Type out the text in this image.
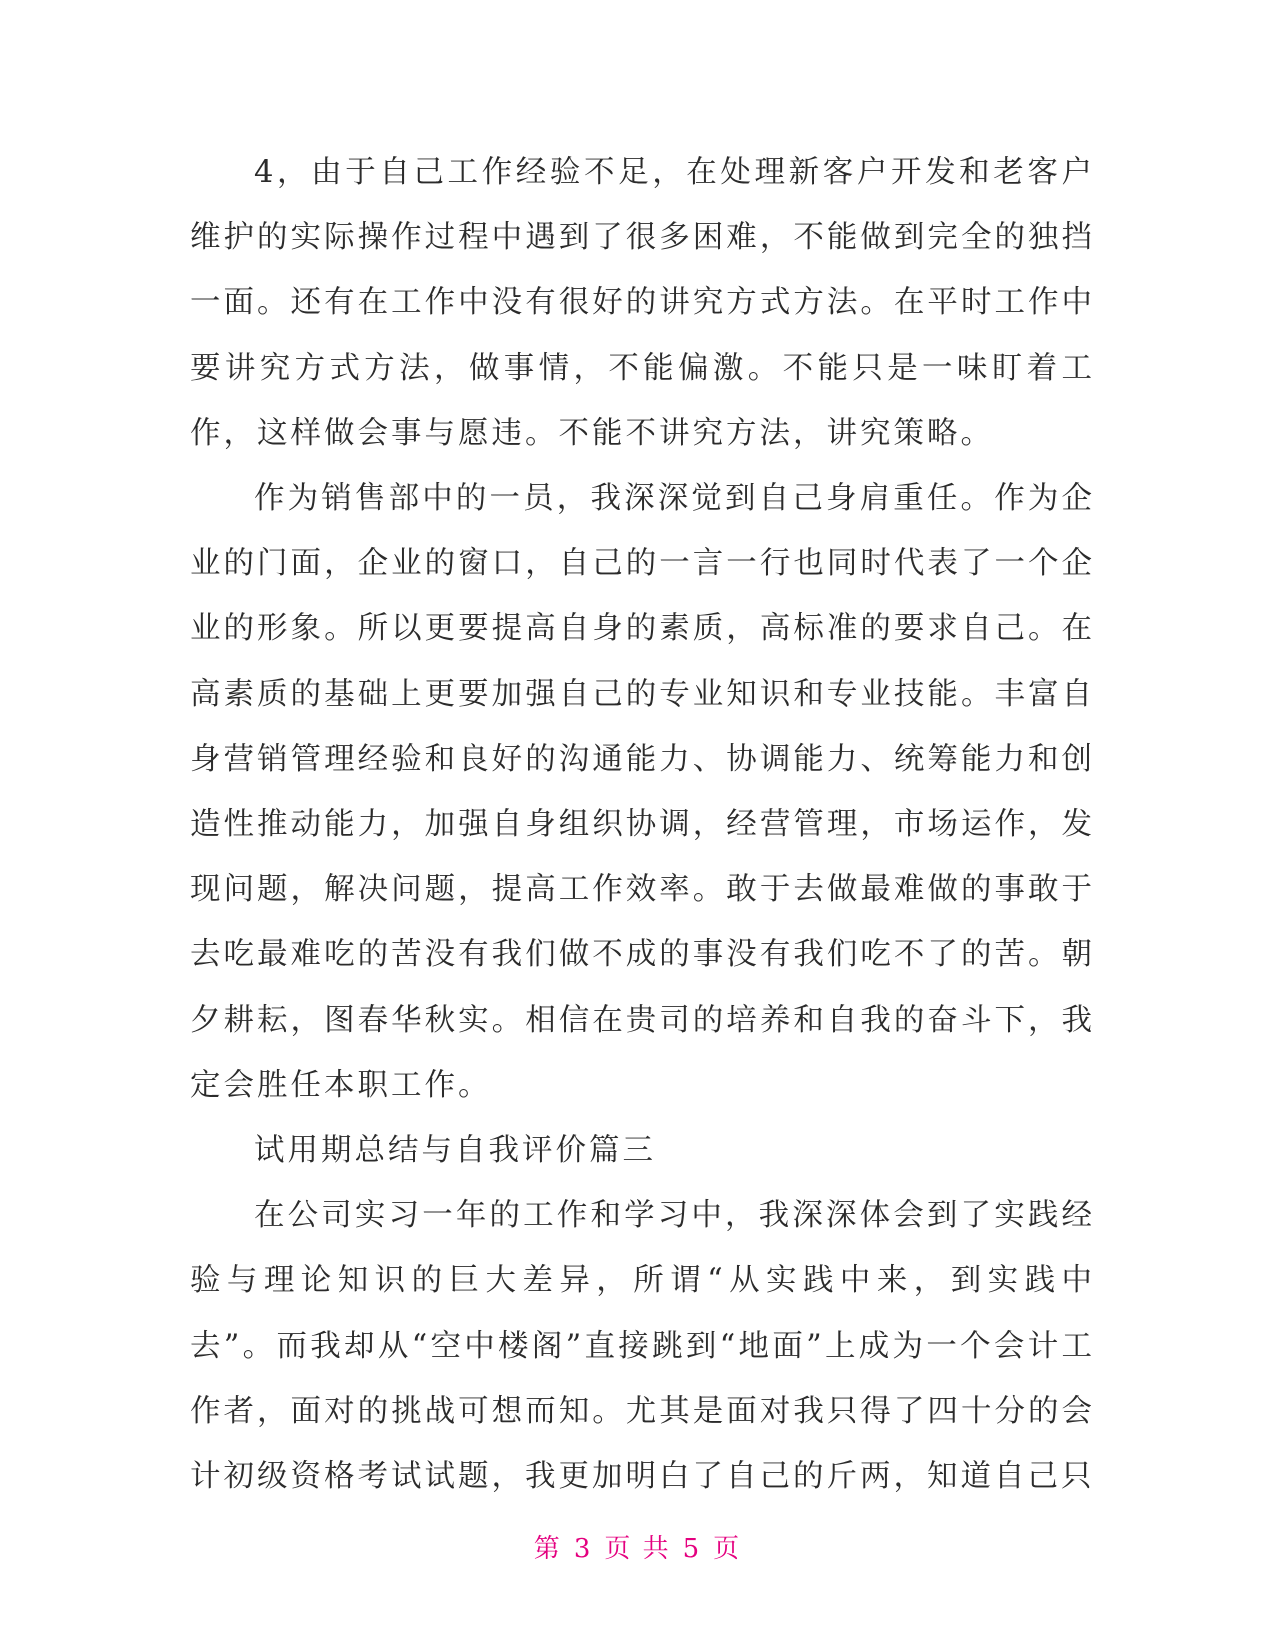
4，由于自己工作经验不足，在处理新客户开发和老客户维护的实际操作过程中遇到了很多困难，不能做到完全的独挡一面。还有在工作中没有很好的讲究方式方法。在平时工作中要讲究方式方法，做事情，不能偏激。不能只是一味盯着工作，这样做会事与愿违。不能不讲究方法，讲究策略。

作为销售部中的一员，我深深觉到自己身肩重任。作为企业的门面，企业的窗口，自己的一言一行也同时代表了一个企业的形象。所以更要提高自身的素质，高标准的要求自己。在高素质的基础上更要加强自己的专业知识和专业技能。丰富自身营销管理经验和良好的沟通能力、协调能力、统筹能力和创造性推动能力，加强自身组织协调，经营管理，市场运作，发现问题，解决问题，提高工作效率。敢于去做最难做的事敢于去吃最难吃的苦没有我们做不成的事没有我们吃不了的苦。朝夕耕耘，图春华秋实。相信在贵司的培养和自我的奋斗下，我定会胜任本职工作。

试用期总结与自我评价篇三

在公司实习一年的工作和学习中，我深深体会到了实践经验与理论知识的巨大差异，所谓“从实践中来，到实践中去”。而我却从“空中楼阁”直接跳到“地面”上成为一个会计工作者，面对的挑战可想而知。尤其是面对我只得了四十分的会计初级资格考试试题，我更加明白了自己的斤两，知道自己只

第 3 页 共 5 页
